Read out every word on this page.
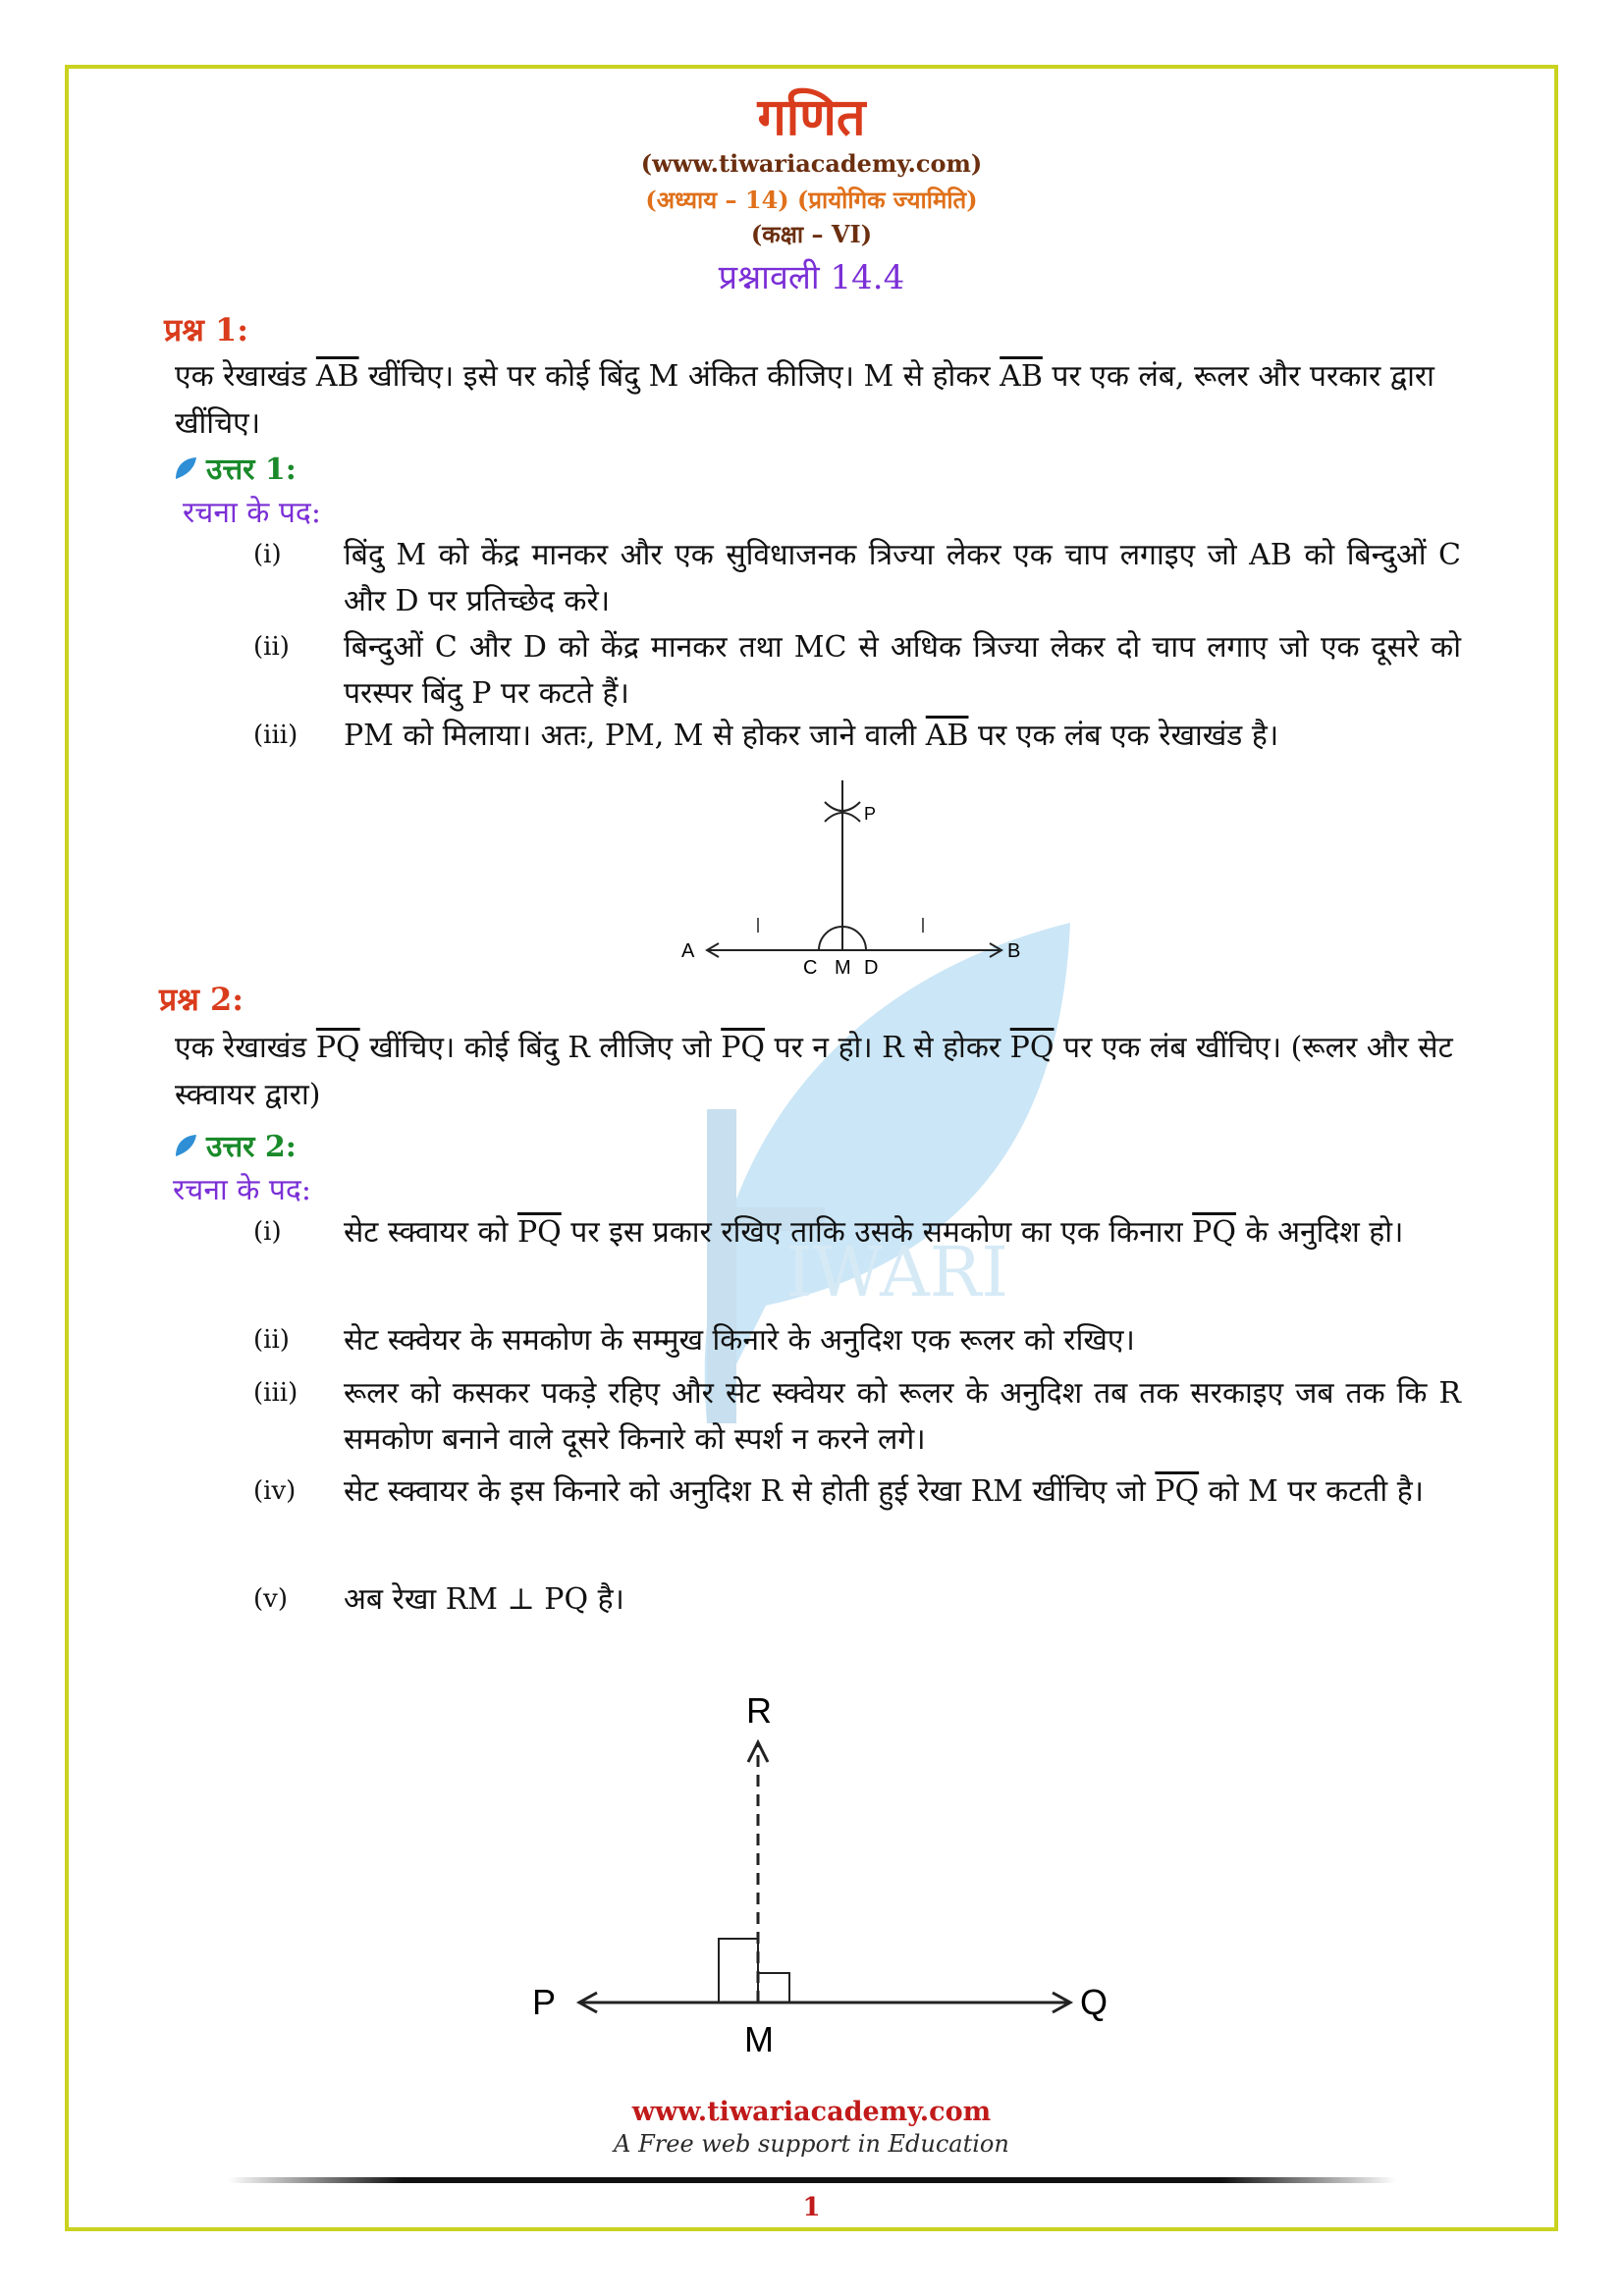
IWARI
गणित
(www.tiwariacademy.com)
(अध्याय – 14) (प्रायोगिक ज्यामिति)
(कक्षा – VI)
प्रश्नावली 14.4
प्रश्न 1:
एक रेखाखंड $\overline{AB}$ खींचिए। इसे पर कोई बिंदु M अंकित कीजिए। M से होकर $\overline{AB}$ पर एक लंब, रूलर और परकार द्वारा खींचिए।
उत्तर 1:
रचना के पद:
(i)	बिंदु M को केंद्र मानकर और एक सुविधाजनक त्रिज्या लेकर एक चाप लगाइए जो AB को बिन्दुओं C और D पर प्रतिच्छेद करे।
(ii)	बिन्दुओं C और D को केंद्र मानकर तथा MC से अधिक त्रिज्या लेकर दो चाप लगाए जो एक दूसरे को परस्पर बिंदु P पर कटते हैं।
(iii)	PM को मिलाया। अतः, PM, M से होकर जाने वाली $\overline{AB}$ पर एक लंब एक रेखाखंड है।
P
A	B
C M D
प्रश्न 2:
एक रेखाखंड $\overline{PQ}$ खींचिए। कोई बिंदु R लीजिए जो $\overline{PQ}$ पर न हो। R से होकर $\overline{PQ}$ पर एक लंब खींचिए। (रूलर और सेट स्क्वायर द्वारा)
उत्तर 2:
रचना के पद:
(i)	सेट स्क्वायर को $\overline{PQ}$ पर इस प्रकार रखिए ताकि उसके समकोण का एक किनारा $\overline{PQ}$ के अनुदिश हो।
(ii)	सेट स्क्वेयर के समकोण के सम्मुख किनारे के अनुदिश एक रूलर को रखिए।
(iii)	रूलर को कसकर पकड़े रहिए और सेट स्क्वेयर को रूलर के अनुदिश तब तक सरकाइए जब तक कि R समकोण बनाने वाले दूसरे किनारे को स्पर्श न करने लगे।
(iv)	सेट स्क्वायर के इस किनारे को अनुदिश R से होती हुई रेखा RM खींचिए जो $\overline{PQ}$ को M पर कटती है।
(v)	अब रेखा RM ⊥ PQ है।
R
P	Q
M
www.tiwariacademy.com
A Free web support in Education
1
